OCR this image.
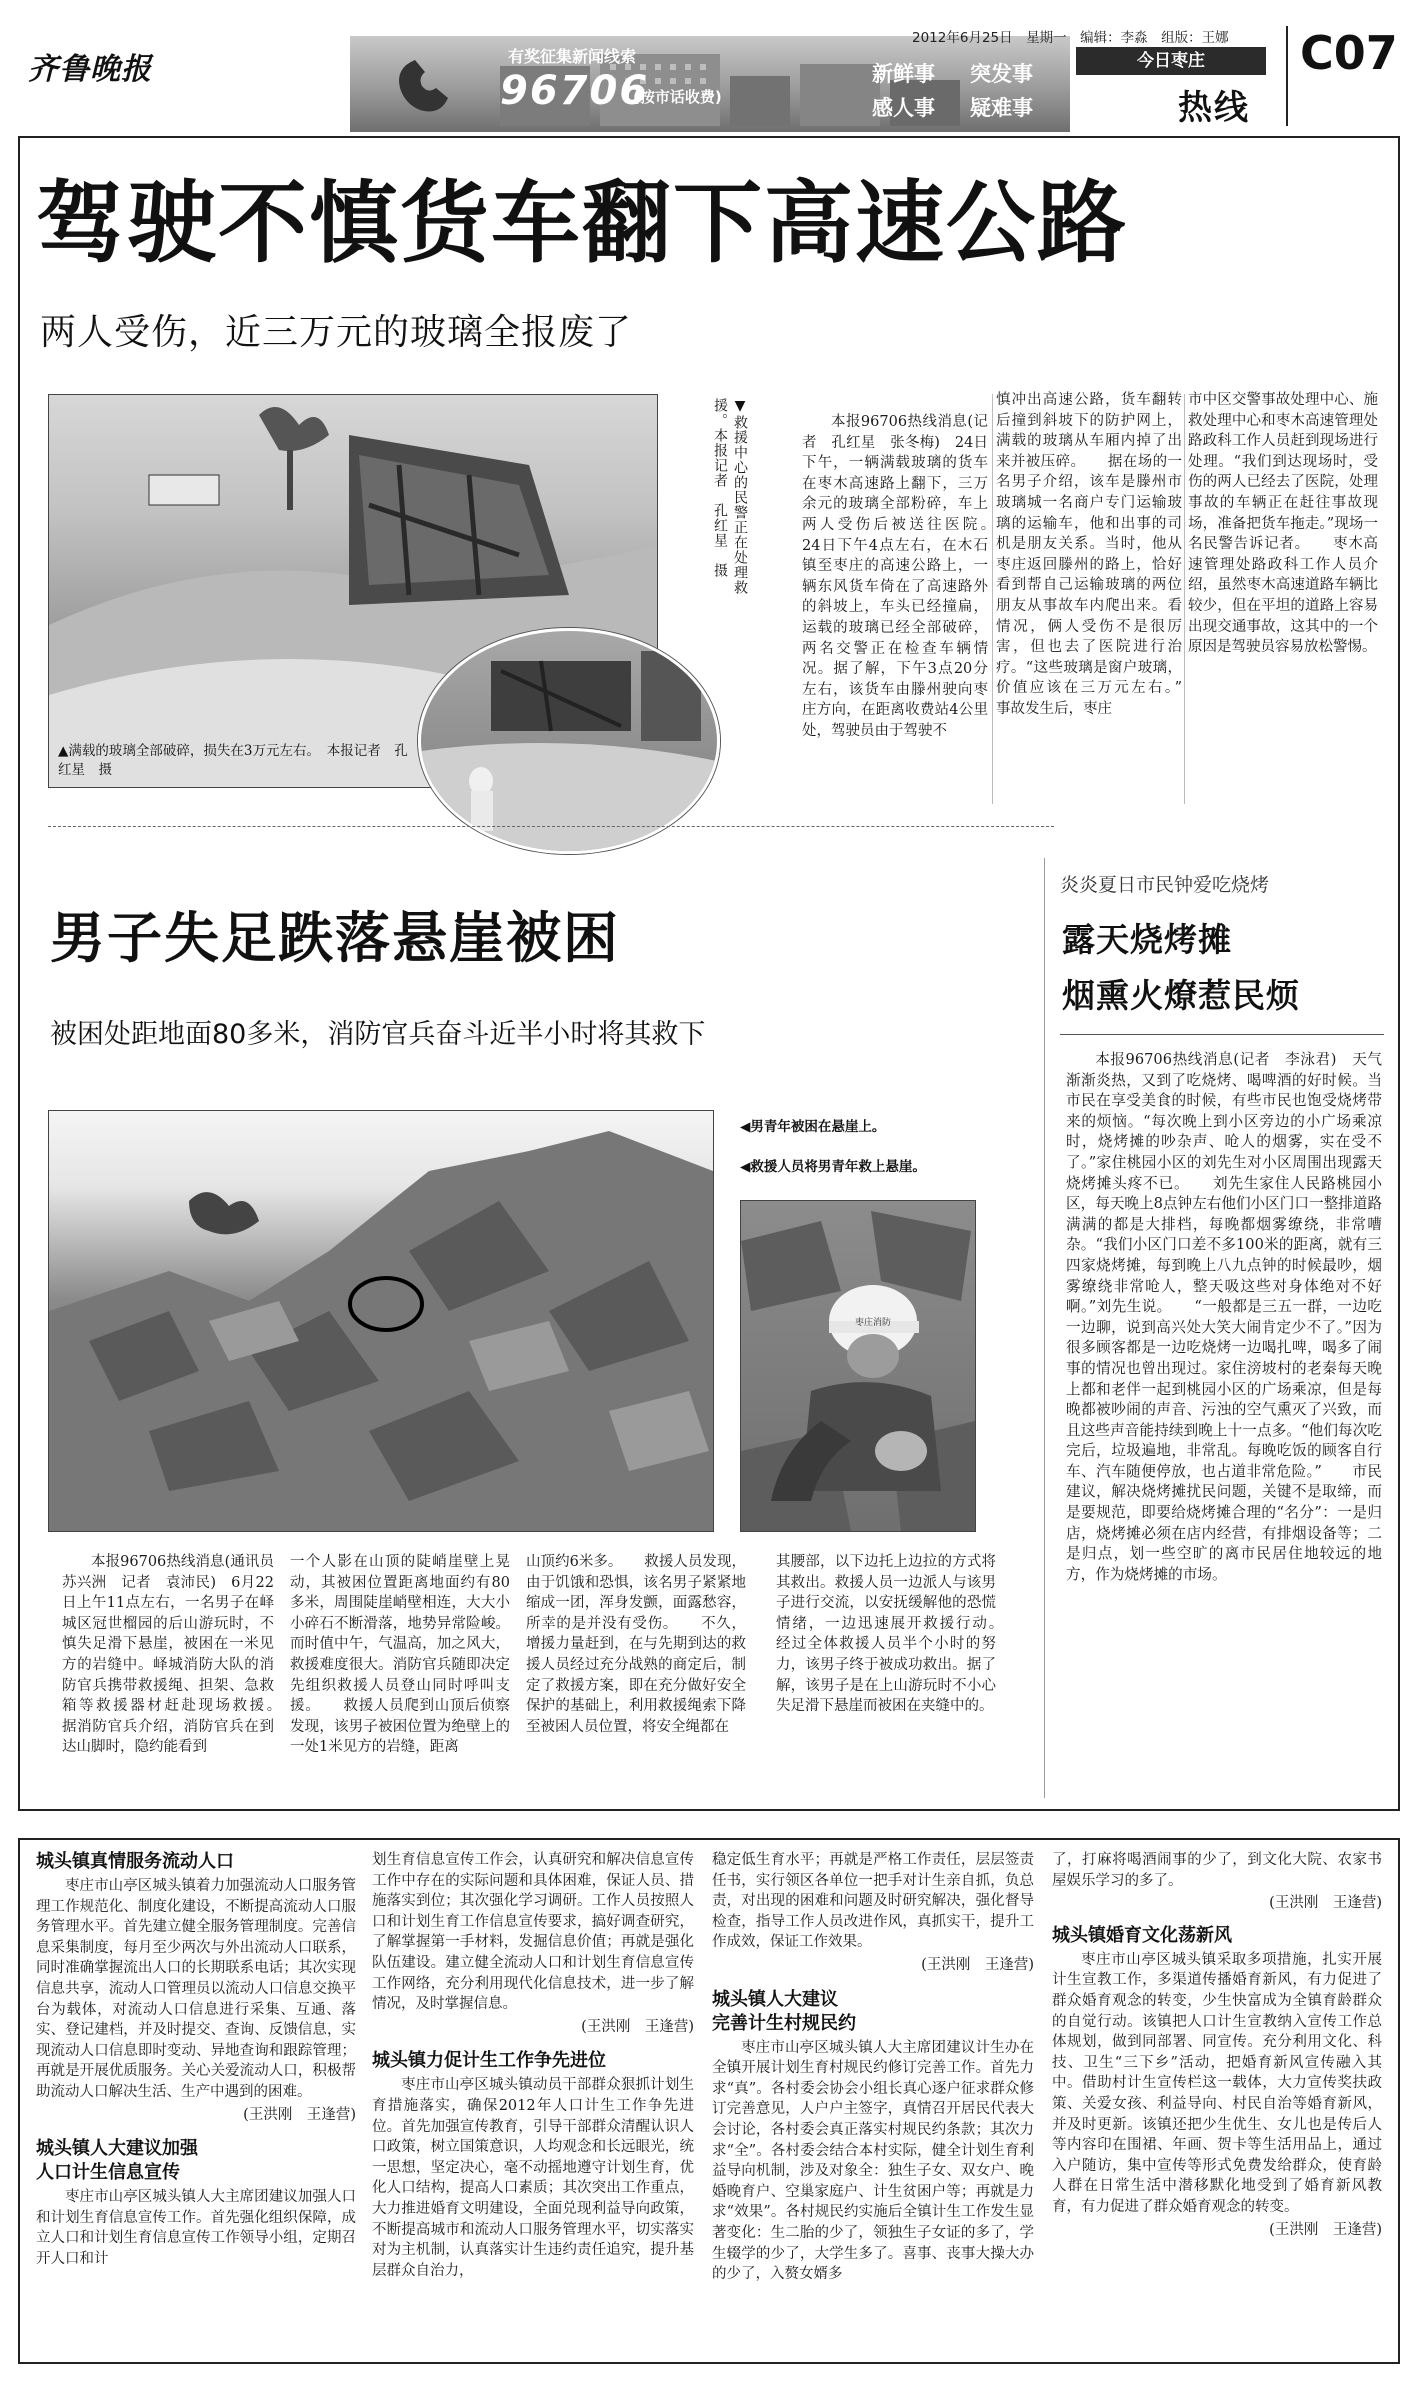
齐鲁晚报	有奖征集新闻线索
96706
(按市话收费)
新鲜事 突发事
感人事 疑难事
2012年6月25日　星期一　编辑：李淼　组版：王娜
今日枣庄
热线
C07
驾驶不慎货车翻下高速公路
两人受伤，近三万元的玻璃全报废了
▲满载的玻璃全部破碎，损失在3万元左右。　本报记者　孔红星　摄
▼救援中心的民警正在处理救援。本报记者　孔红星　摄	本报96706热线消息(记者　孔红星　张冬梅)　24日下午，一辆满载玻璃的货车在枣木高速路上翻下，三万余元的玻璃全部粉碎，车上两人受伤后被送往医院。　　24日下午4点左右，在木石镇至枣庄的高速公路上，一辆东风货车倚在了高速路外的斜坡上，车头已经撞扁，运载的玻璃已经全部破碎，两名交警正在检查车辆情况。据了解，下午3点20分左右，该货车由滕州驶向枣庄方向，在距离收费站4公里处，驾驶员由于驾驶不
慎冲出高速公路，货车翻转后撞到斜坡下的防护网上，满载的玻璃从车厢内掉了出来并被压碎。　　据在场的一名男子介绍，该车是滕州市玻璃城一名商户专门运输玻璃的运输车，他和出事的司机是朋友关系。当时，他从枣庄返回滕州的路上，恰好看到帮自己运输玻璃的两位朋友从事故车内爬出来。看情况，俩人受伤不是很厉害，但也去了医院进行治疗。“这些玻璃是窗户玻璃，价值应该在三万元左右。”　　事故发生后，枣庄
市中区交警事故处理中心、施救处理中心和枣木高速管理处路政科工作人员赶到现场进行处理。“我们到达现场时，受伤的两人已经去了医院，处理事故的车辆正在赶往事故现场，准备把货车拖走。”现场一名民警告诉记者。　　枣木高速管理处路政科工作人员介绍，虽然枣木高速道路车辆比较少，但在平坦的道路上容易出现交通事故，这其中的一个原因是驾驶员容易放松警惕。
男子失足跌落悬崖被困
被困处距地面80多米，消防官兵奋斗近半小时将其救下
◀男青年被困在悬崖上。
◀救援人员将男青年救上悬崖。
枣庄消防
本报96706热线消息(通讯员　苏兴洲　记者　袁沛民)　6月22日上午11点左右，一名男子在峄城区冠世榴园的后山游玩时，不慎失足滑下悬崖，被困在一米见方的岩缝中。峄城消防大队的消防官兵携带救援绳、担架、急救箱等救援器材赶赴现场救援。　　据消防官兵介绍，消防官兵在到达山脚时，隐约能看到
一个人影在山顶的陡峭崖壁上晃动，其被困位置距离地面约有80多米，周围陡崖峭壁相连，大大小小碎石不断滑落，地势异常险峻。而时值中午，气温高，加之风大，救援难度很大。消防官兵随即决定先组织救援人员登山同时呼叫支援。　　救援人员爬到山顶后侦察发现，该男子被困位置为绝壁上的一处1米见方的岩缝，距离
山顶约6米多。　　救援人员发现，由于饥饿和恐惧，该名男子紧紧地缩成一团，浑身发颤，面露愁容，所幸的是并没有受伤。　　不久，增援力量赶到，在与先期到达的救援人员经过充分战熟的商定后，制定了救援方案，即在充分做好安全保护的基础上，利用救援绳索下降至被困人员位置，将安全绳都在
其腰部，以下边托上边拉的方式将其救出。救援人员一边派人与该男子进行交流，以安抚缓解他的恐慌情绪，一边迅速展开救援行动。　　经过全体救援人员半个小时的努力，该男子终于被成功救出。据了解，该男子是在上山游玩时不小心失足滑下悬崖而被困在夹缝中的。
炎炎夏日市民钟爱吃烧烤
露天烧烤摊
烟熏火燎惹民烦
本报96706热线消息(记者　李泳君)　天气渐渐炎热，又到了吃烧烤、喝啤酒的好时候。当市民在享受美食的时候，有些市民也饱受烧烤带来的烦恼。“每次晚上到小区旁边的小广场乘凉时，烧烤摊的吵杂声、呛人的烟雾，实在受不了。”家住桃园小区的刘先生对小区周围出现露天烧烤摊头疼不已。　　刘先生家住人民路桃园小区，每天晚上8点钟左右他们小区门口一整排道路满满的都是大排档，每晚都烟雾缭绕，非常嘈杂。“我们小区门口差不多100米的距离，就有三四家烧烤摊，每到晚上八九点钟的时候最吵，烟雾缭绕非常呛人，整天吸这些对身体绝对不好啊。”刘先生说。　　“一般都是三五一群，一边吃一边聊，说到高兴处大笑大闹肯定少不了。”因为很多顾客都是一边吃烧烤一边喝扎啤，喝多了闹事的情况也曾出现过。家住滂坡村的老秦每天晚上都和老伴一起到桃园小区的广场乘凉，但是每晚都被吵闹的声音、污浊的空气熏灭了兴致，而且这些声音能持续到晚上十一点多。“他们每次吃完后，垃圾遍地，非常乱。每晚吃饭的顾客自行车、汽车随便停放，也占道非常危险。”　　市民建议，解决烧烤摊扰民问题，关键不是取缔，而是要规范，即要给烧烤摊合理的“名分”：一是归店，烧烤摊必须在店内经营，有排烟设备等；二是归点，划一些空旷的离市民居住地较远的地方，作为烧烤摊的市场。
城头镇真情服务流动人口
枣庄市山亭区城头镇着力加强流动人口服务管理工作规范化、制度化建设，不断提高流动人口服务管理水平。首先建立健全服务管理制度。完善信息采集制度，每月至少两次与外出流动人口联系，同时准确掌握流出人口的长期联系电话；其次实现信息共享，流动人口管理员以流动人口信息交换平台为载体，对流动人口信息进行采集、互通、落实、登记建档，并及时提交、查询、反馈信息，实现流动人口信息即时变动、异地查询和跟踪管理；再就是开展优质服务。关心关爱流动人口，积极帮助流动人口解决生活、生产中遇到的困难。
(王洪刚　王逢营)
城头镇人大建议加强
人口计生信息宣传
枣庄市山亭区城头镇人大主席团建议加强人口和计划生育信息宣传工作。首先强化组织保障，成立人口和计划生育信息宣传工作领导小组，定期召开人口和计
划生育信息宣传工作会，认真研究和解决信息宣传工作中存在的实际问题和具体困难，保证人员、措施落实到位；其次强化学习调研。工作人员按照人口和计划生育工作信息宣传要求，搞好调查研究，了解掌握第一手材料，发掘信息价值；再就是强化队伍建设。建立健全流动人口和计划生育信息宣传工作网络，充分利用现代化信息技术，进一步了解情况，及时掌握信息。
(王洪刚　王逢营)
城头镇力促计生工作争先进位
枣庄市山亭区城头镇动员干部群众狠抓计划生育措施落实，确保2012年人口计生工作争先进位。首先加强宣传教育，引导干部群众清醒认识人口政策，树立国策意识，人均观念和长远眼光，统一思想，坚定决心，毫不动摇地遵守计划生育，优化人口结构，提高人口素质；其次突出工作重点，大力推进婚育文明建设，全面兑现利益导向政策，不断提高城市和流动人口服务管理水平，切实落实对为主机制，认真落实计生违约责任追究，提升基层群众自治力，
稳定低生育水平；再就是严格工作责任，层层签责任书，实行领区各单位一把手对计生亲自抓，负总责，对出现的困难和问题及时研究解决，强化督导检查，指导工作人员改进作风，真抓实干，提升工作成效，保证工作效果。
(王洪刚　王逢营)
城头镇人大建议
完善计生村规民约
枣庄市山亭区城头镇人大主席团建议计生办在全镇开展计划生育村规民约修订完善工作。首先力求“真”。各村委会协会小组长真心逐户征求群众修订完善意见，人户户主签字，真情召开居民代表大会讨论，各村委会真正落实村规民约条款；其次力求“全”。各村委会结合本村实际，健全计划生育利益导向机制，涉及对象全：独生子女、双女户、晚婚晚育户、空巢家庭户、计生贫困户等；再就是力求“效果”。各村规民约实施后全镇计生工作发生显著变化：生二胎的少了，领独生子女证的多了，学生辍学的少了，大学生多了。喜事、丧事大操大办的少了，入赘女婿多
了，打麻将喝酒闹事的少了，到文化大院、农家书屋娱乐学习的多了。
(王洪刚　王逢营)
城头镇婚育文化荡新风
枣庄市山亭区城头镇采取多项措施，扎实开展计生宣教工作，多渠道传播婚育新风，有力促进了群众婚育观念的转变，少生快富成为全镇育龄群众的自觉行动。该镇把人口计生宣教纳入宣传工作总体规划，做到同部署、同宣传。充分利用文化、科技、卫生“三下乡”活动，把婚育新风宣传融入其中。借助村计生宣传栏这一载体，大力宣传奖扶政策、关爱女孩、利益导向、村民自治等婚育新风，并及时更新。该镇还把少生优生、女儿也是传后人等内容印在围裙、年画、贺卡等生活用品上，通过入户随访，集中宣传等形式免费发给群众，使育龄人群在日常生活中潜移默化地受到了婚育新风教育，有力促进了群众婚育观念的转变。
(王洪刚　王逢营)
